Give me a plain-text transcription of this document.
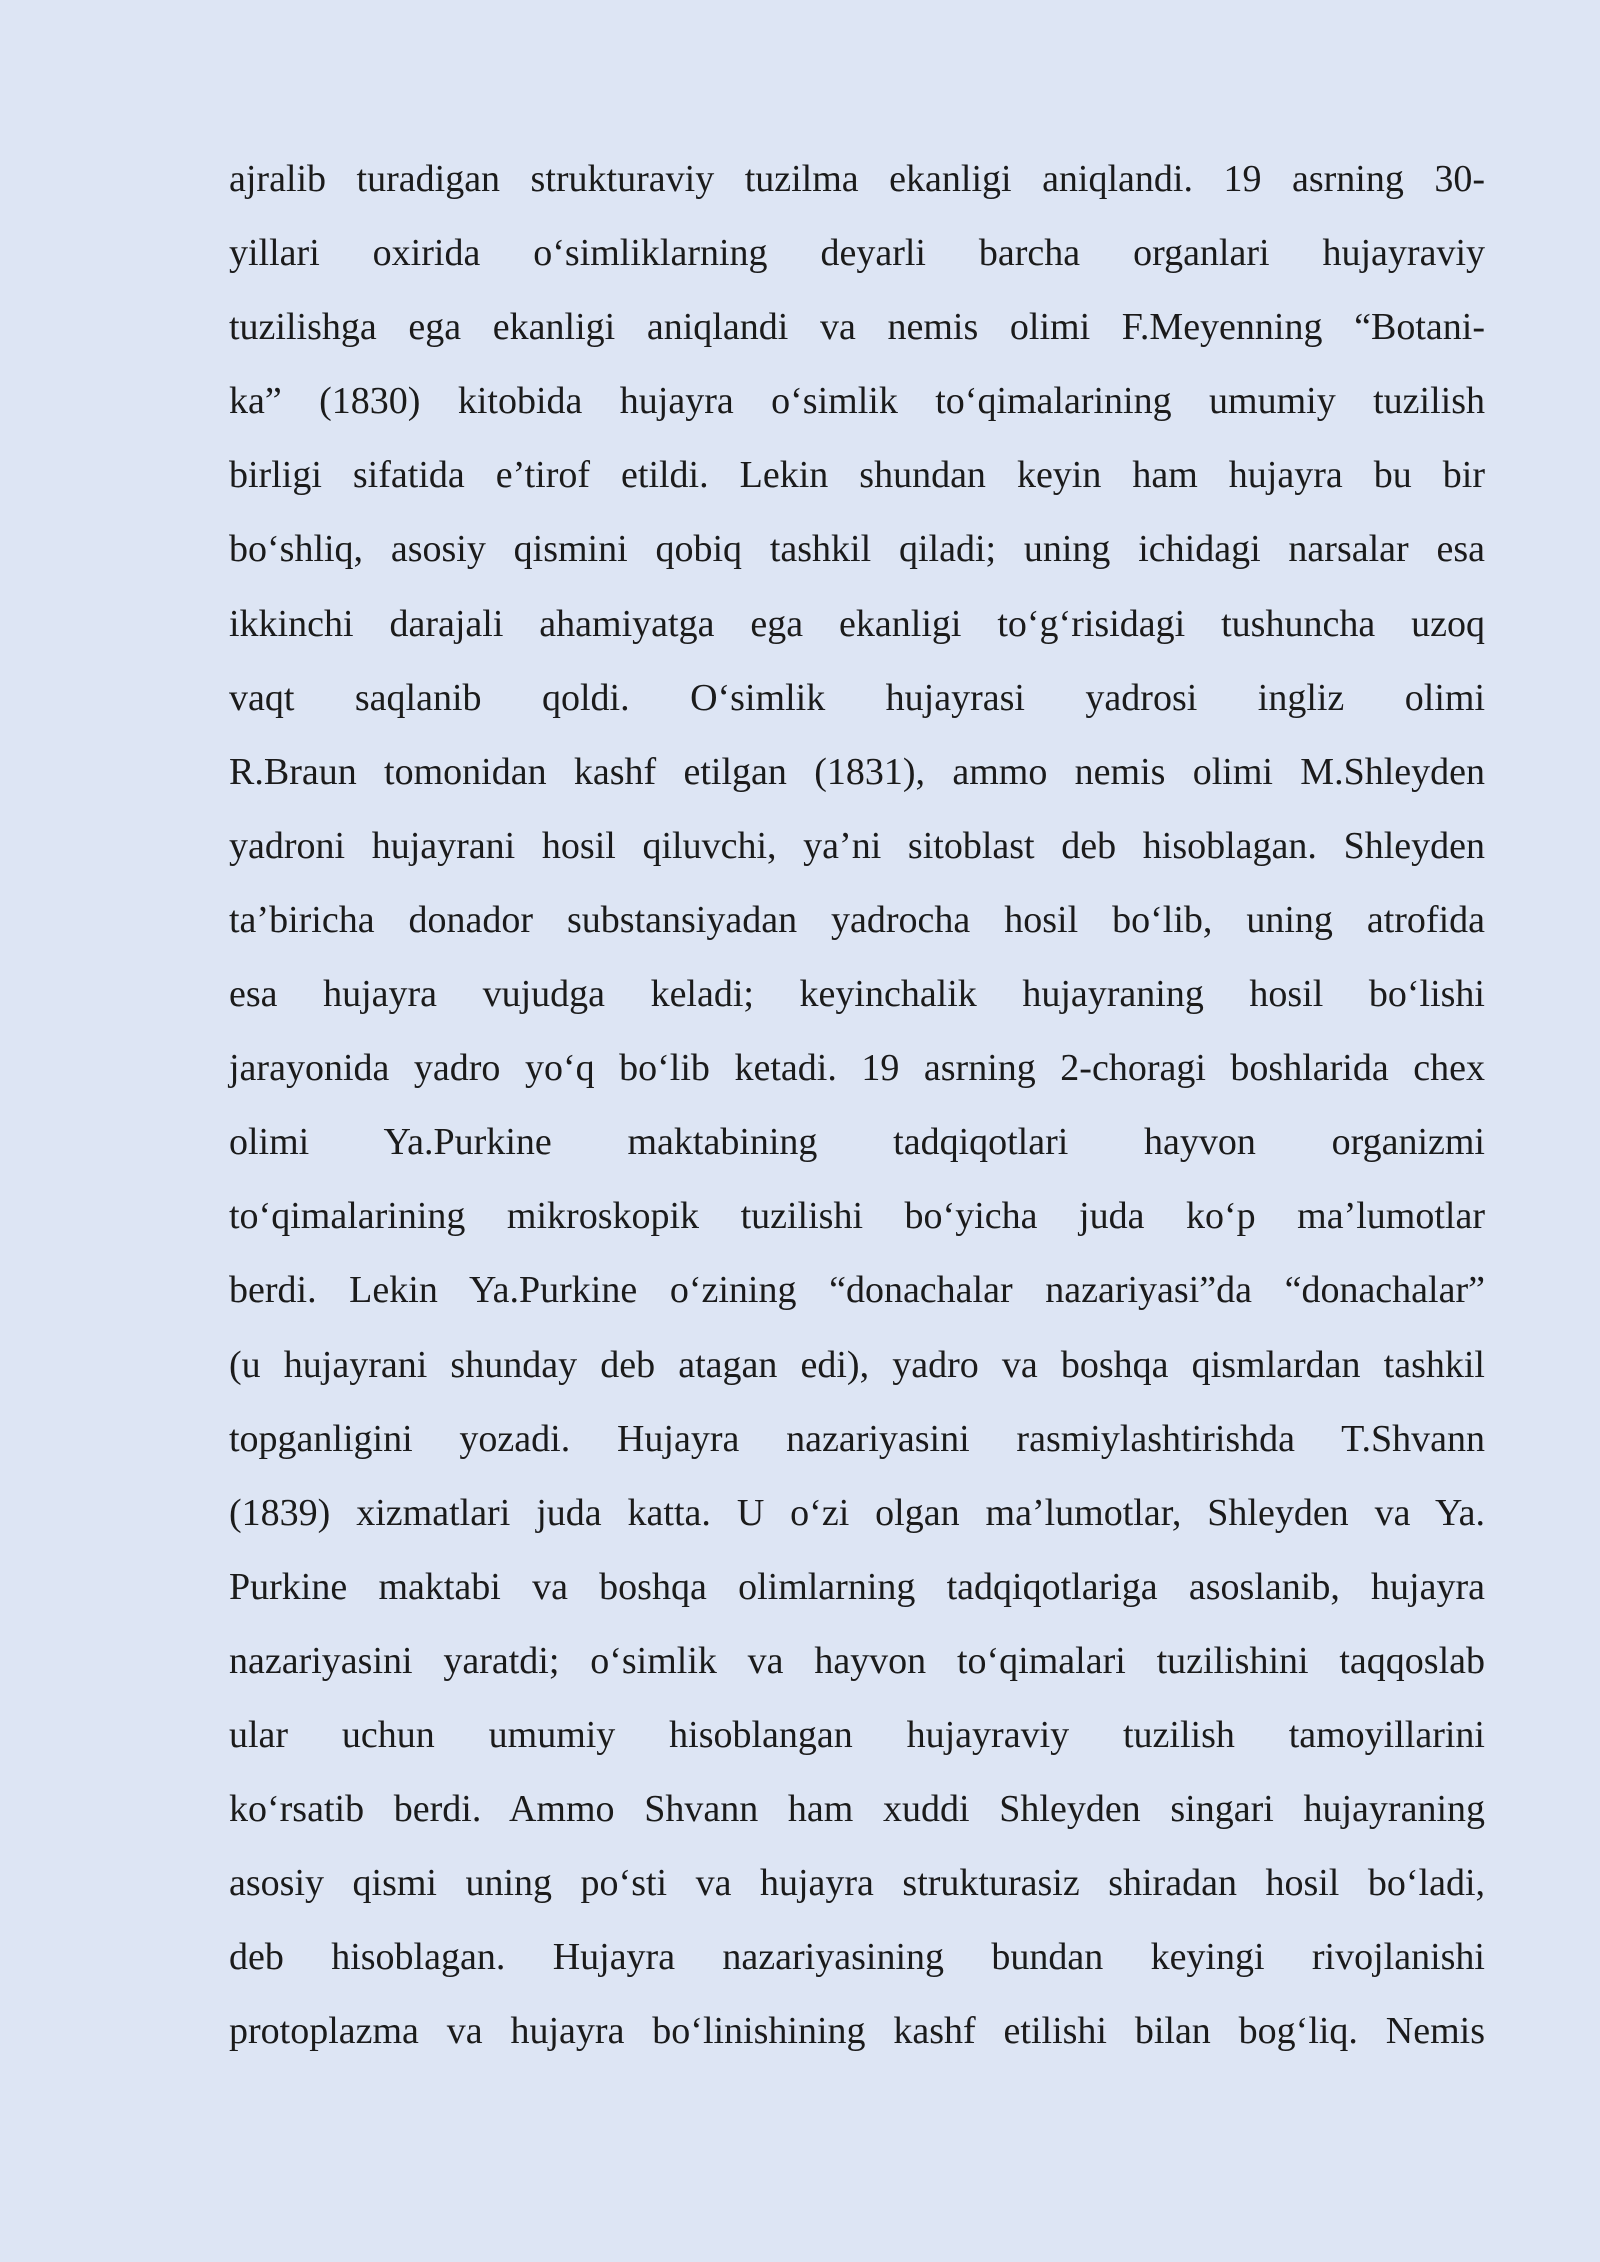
ajralib turadigan strukturaviy tuzilma ekanligi aniqlandi. 19 asrning 30-
yillari oxirida o‘simliklarning deyarli barcha organlari hujayraviy
tuzilishga ega ekanligi aniqlandi va nemis olimi F.Meyenning “Botani-
ka” (1830) kitobida hujayra o‘simlik to‘qimalarining umumiy tuzilish
birligi sifatida e’tirof etildi. Lekin shundan keyin ham hujayra bu bir
bo‘shliq, asosiy qismini qobiq tashkil qiladi; uning ichidagi narsalar esa
ikkinchi darajali ahamiyatga ega ekanligi to‘g‘risidagi tushuncha uzoq
vaqt saqlanib qoldi. O‘simlik hujayrasi yadrosi ingliz olimi
R.Braun tomonidan kashf etilgan (1831), ammo nemis olimi M.Shleyden
yadroni hujayrani hosil qiluvchi, ya’ni sitoblast deb hisoblagan. Shleyden
ta’biricha donador substansiyadan yadrocha hosil bo‘lib, uning atrofida
esa hujayra vujudga keladi; keyinchalik hujayraning hosil bo‘lishi
jarayonida yadro yo‘q bo‘lib ketadi. 19 asrning 2-choragi boshlarida chex
olimi Ya.Purkine maktabining tadqiqotlari hayvon organizmi
to‘qimalarining mikroskopik tuzilishi bo‘yicha juda ko‘p ma’lumotlar
berdi. Lekin Ya.Purkine o‘zining “donachalar nazariyasi”da “donachalar”
(u hujayrani shunday deb atagan edi), yadro va boshqa qismlardan tashkil
topganligini yozadi. Hujayra nazariyasini rasmiylashtirishda T.Shvann
(1839) xizmatlari juda katta. U o‘zi olgan ma’lumotlar, Shleyden va Ya.
Purkine maktabi va boshqa olimlarning tadqiqotlariga asoslanib, hujayra
nazariyasini yaratdi; o‘simlik va hayvon to‘qimalari tuzilishini taqqoslab
ular uchun umumiy hisoblangan hujayraviy tuzilish tamoyillarini
ko‘rsatib berdi. Ammo Shvann ham xuddi Shleyden singari hujayraning
asosiy qismi uning po‘sti va hujayra strukturasiz shiradan hosil bo‘ladi,
deb hisoblagan. Hujayra nazariyasining bundan keyingi rivojlanishi
protoplazma va hujayra bo‘linishining kashf etilishi bilan bog‘liq. Nemis
